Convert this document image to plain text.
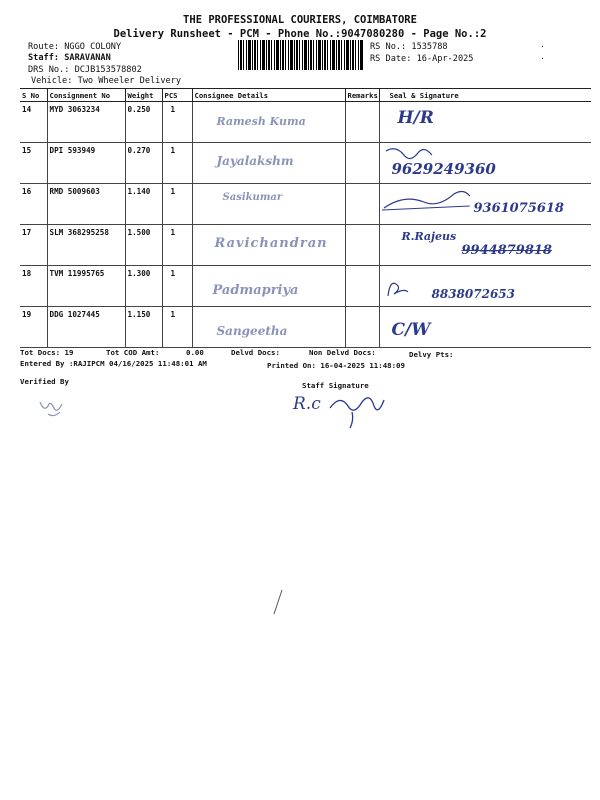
THE PROFESSIONAL COURIERS, COIMBATORE
Delivery Runsheet - PCM - Phone No.:9047080280 - Page No.:2
Route: NGGO COLONY
Staff: SARAVANAN
DRS No.: DCJB153578802
Vehicle: Two Wheeler Delivery
RS No.: 1535788
RS Date: 16-Apr-2025
·
·
S No	Consignment No	Weight	PCS	Consignee Details	Remarks	Seal & Signature
14	MYD 3063234	0.250	1	Ramesh Kuma		H/R

15	DPI 593949	0.270	1	Jayalakshm		9629249360

16	RMD 5009603	1.140	1	Sasikumar		9361075618

17	SLM 368295258	1.500	1	Ravichandran		R.Rajeus
9944879818

18	TVM 11995765	1.300	1	Padmapriya		8838072653

19	DDG 1027445	1.150	1	Sangeetha		C/W
Tot Docs: 19	Tot COD Amt:	0.00	Delvd Docs:	Non Delvd Docs:	Delvy Pts:
Entered By :RAJIPCM 04/16/2025 11:48:01 AM	Printed On: 16-04-2025 11:48:09
Verified By	Staff Signature
R.c
